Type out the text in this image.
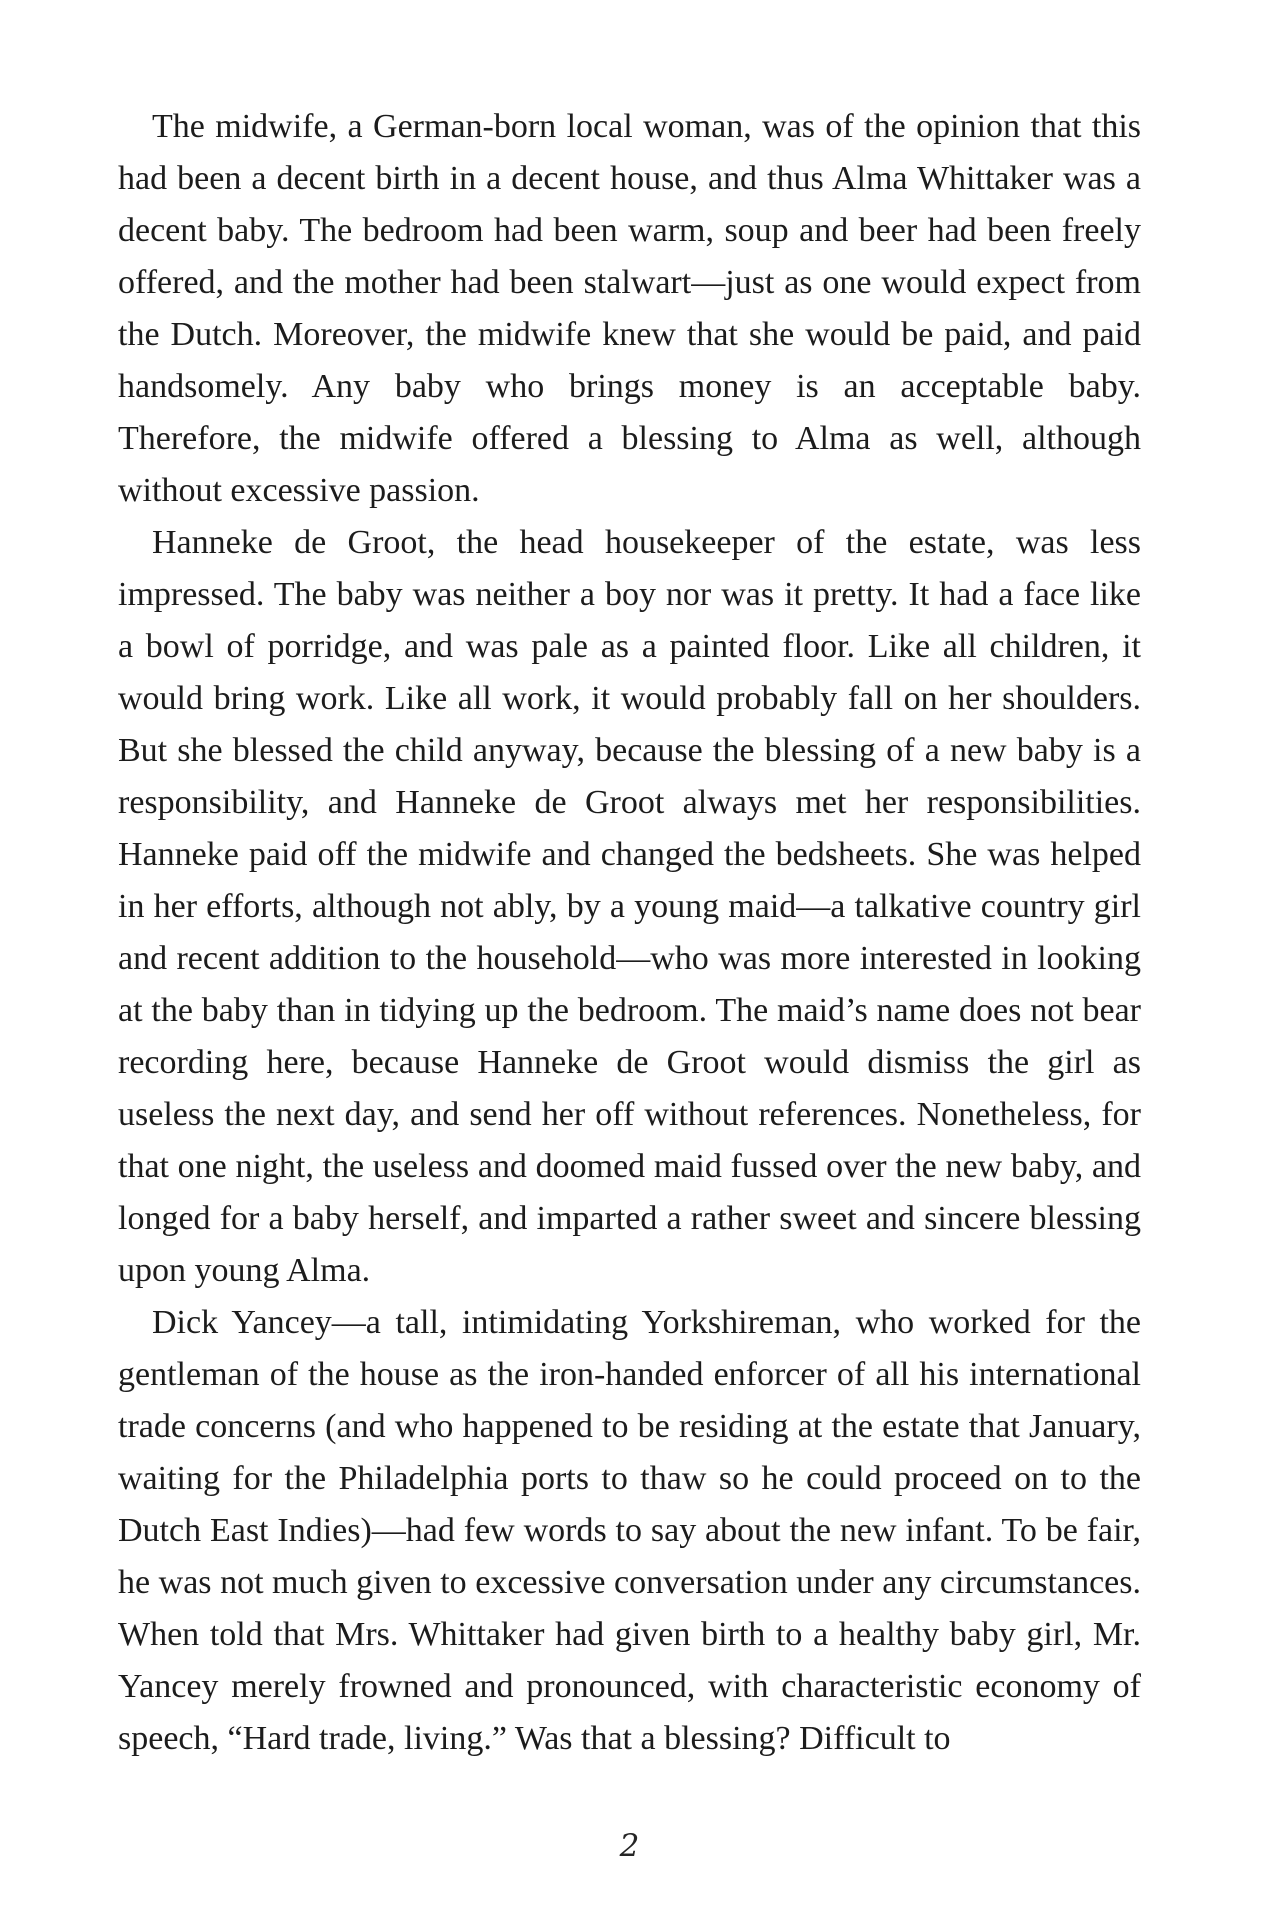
The midwife, a German-born local woman, was of the opinion that this had been a decent birth in a decent house, and thus Alma Whittaker was a decent baby. The bedroom had been warm, soup and beer had been freely offered, and the mother had been stalwart—just as one would expect from the Dutch. Moreover, the midwife knew that she would be paid, and paid handsomely. Any baby who brings money is an acceptable baby. Therefore, the midwife offered a blessing to Alma as well, although without excessive passion.

Hanneke de Groot, the head housekeeper of the estate, was less impressed. The baby was neither a boy nor was it pretty. It had a face like a bowl of porridge, and was pale as a painted floor. Like all children, it would bring work. Like all work, it would probably fall on her shoulders. But she blessed the child anyway, because the blessing of a new baby is a responsibility, and Hanneke de Groot always met her responsibilities. Hanneke paid off the midwife and changed the bedsheets. She was helped in her efforts, although not ably, by a young maid—a talkative country girl and recent addition to the household—who was more interested in looking at the baby than in tidying up the bedroom. The maid’s name does not bear recording here, because Hanneke de Groot would dismiss the girl as useless the next day, and send her off without references. Nonetheless, for that one night, the useless and doomed maid fussed over the new baby, and longed for a baby herself, and imparted a rather sweet and sincere blessing upon young Alma.

Dick Yancey—a tall, intimidating Yorkshireman, who worked for the gentleman of the house as the iron-handed enforcer of all his international trade concerns (and who happened to be residing at the estate that January, waiting for the Philadelphia ports to thaw so he could proceed on to the Dutch East Indies)—had few words to say about the new infant. To be fair, he was not much given to excessive conversation under any circumstances. When told that Mrs. Whittaker had given birth to a healthy baby girl, Mr. Yancey merely frowned and pronounced, with characteristic economy of speech, “Hard trade, living.” Was that a blessing? Difficult to

2
